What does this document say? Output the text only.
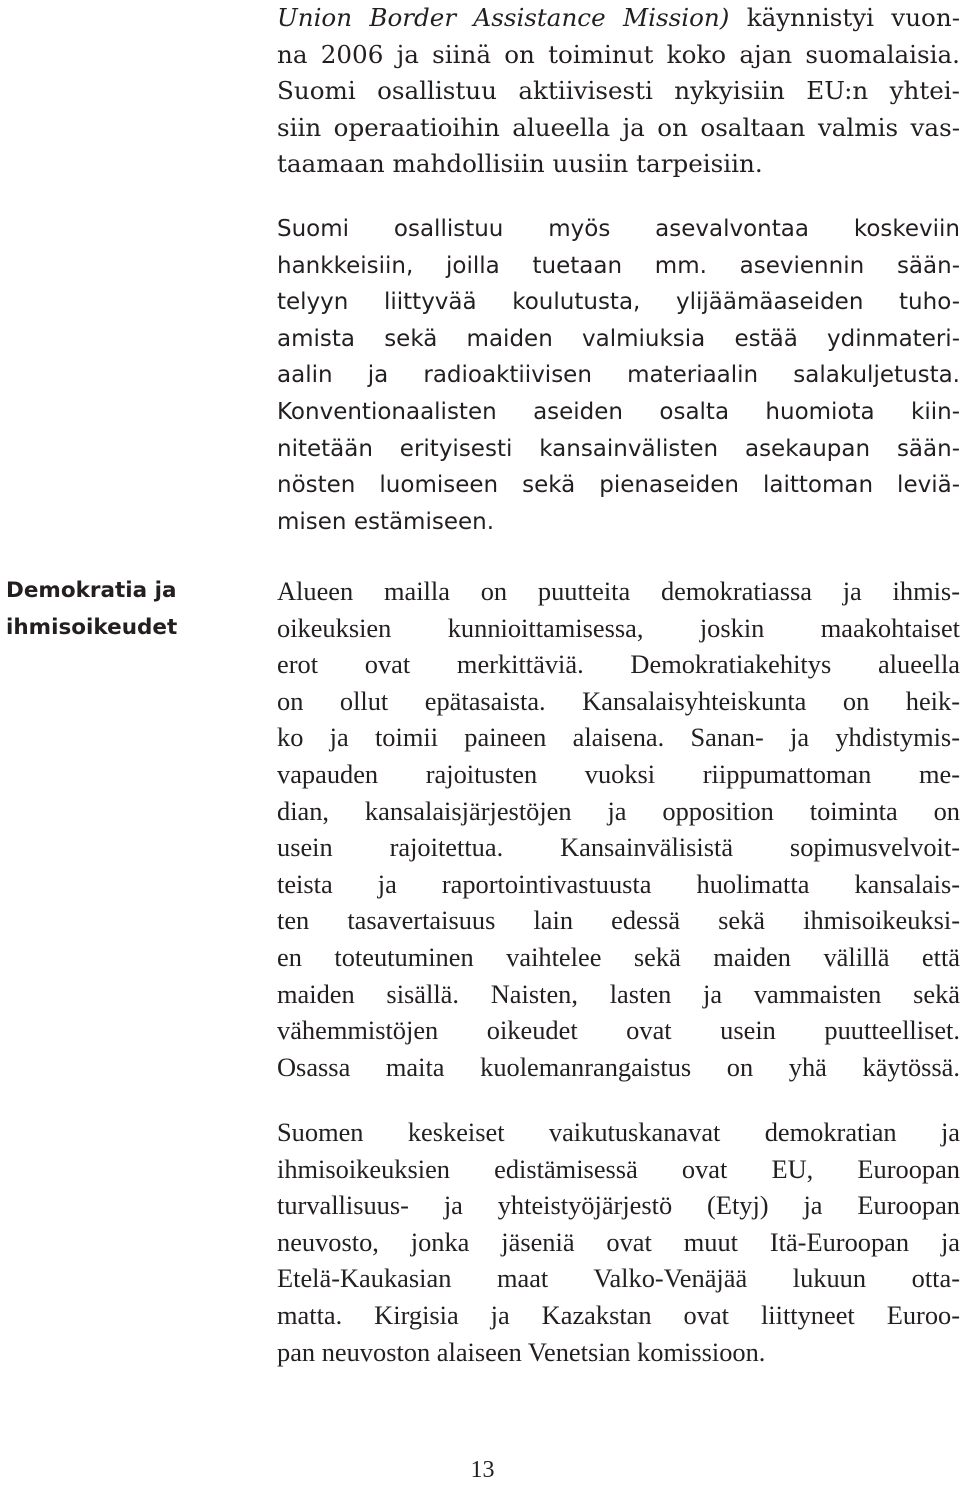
Union Border Assistance Mission) käynnistyi vuon-
na 2006 ja siinä on toiminut koko ajan suomalaisia.
Suomi osallistuu aktiivisesti nykyisiin EU:n yhtei-
siin operaatioihin alueella ja on osaltaan valmis vas-
taamaan mahdollisiin uusiin tarpeisiin.
Suomi osallistuu myös asevalvontaa koskeviin
hankkeisiin, joilla tuetaan mm. aseviennin sään-
telyyn liittyvää koulutusta, ylijäämäaseiden tuho-
amista sekä maiden valmiuksia estää ydinmateri-
aalin ja radioaktiivisen materiaalin salakuljetusta.
Konventionaalisten aseiden osalta huomiota kiin-
nitetään erityisesti kansainvälisten asekaupan sään-
nösten luomiseen sekä pienaseiden laittoman leviä-
misen estämiseen.
Demokratia ja
ihmisoikeudet
Alueen mailla on puutteita demokratiassa ja ihmis-
oikeuksien kunnioittamisessa, joskin maakohtaiset
erot ovat merkittäviä. Demokratiakehitys alueella
on ollut epätasaista. Kansalaisyhteiskunta on heik-
ko ja toimii paineen alaisena. Sanan- ja yhdistymis-
vapauden rajoitusten vuoksi riippumattoman me-
dian, kansalaisjärjestöjen ja opposition toiminta on
usein rajoitettua. Kansainvälisistä sopimusvelvoit-
teista ja raportointivastuusta huolimatta kansalais-
ten tasavertaisuus lain edessä sekä ihmisoikeuksi-
en toteutuminen vaihtelee sekä maiden välillä että
maiden sisällä. Naisten, lasten ja vammaisten sekä
vähemmistöjen oikeudet ovat usein puutteelliset.
Osassa maita kuolemanrangaistus on yhä käytössä.
Suomen keskeiset vaikutuskanavat demokratian ja
ihmisoikeuksien edistämisessä ovat EU, Euroopan
turvallisuus- ja yhteistyöjärjestö (Etyj) ja Euroopan
neuvosto, jonka jäseniä ovat muut Itä-Euroopan ja
Etelä-Kaukasian maat Valko-Venäjää lukuun otta-
matta. Kirgisia ja Kazakstan ovat liittyneet Euroo-
pan neuvoston alaiseen Venetsian komissioon.
13
